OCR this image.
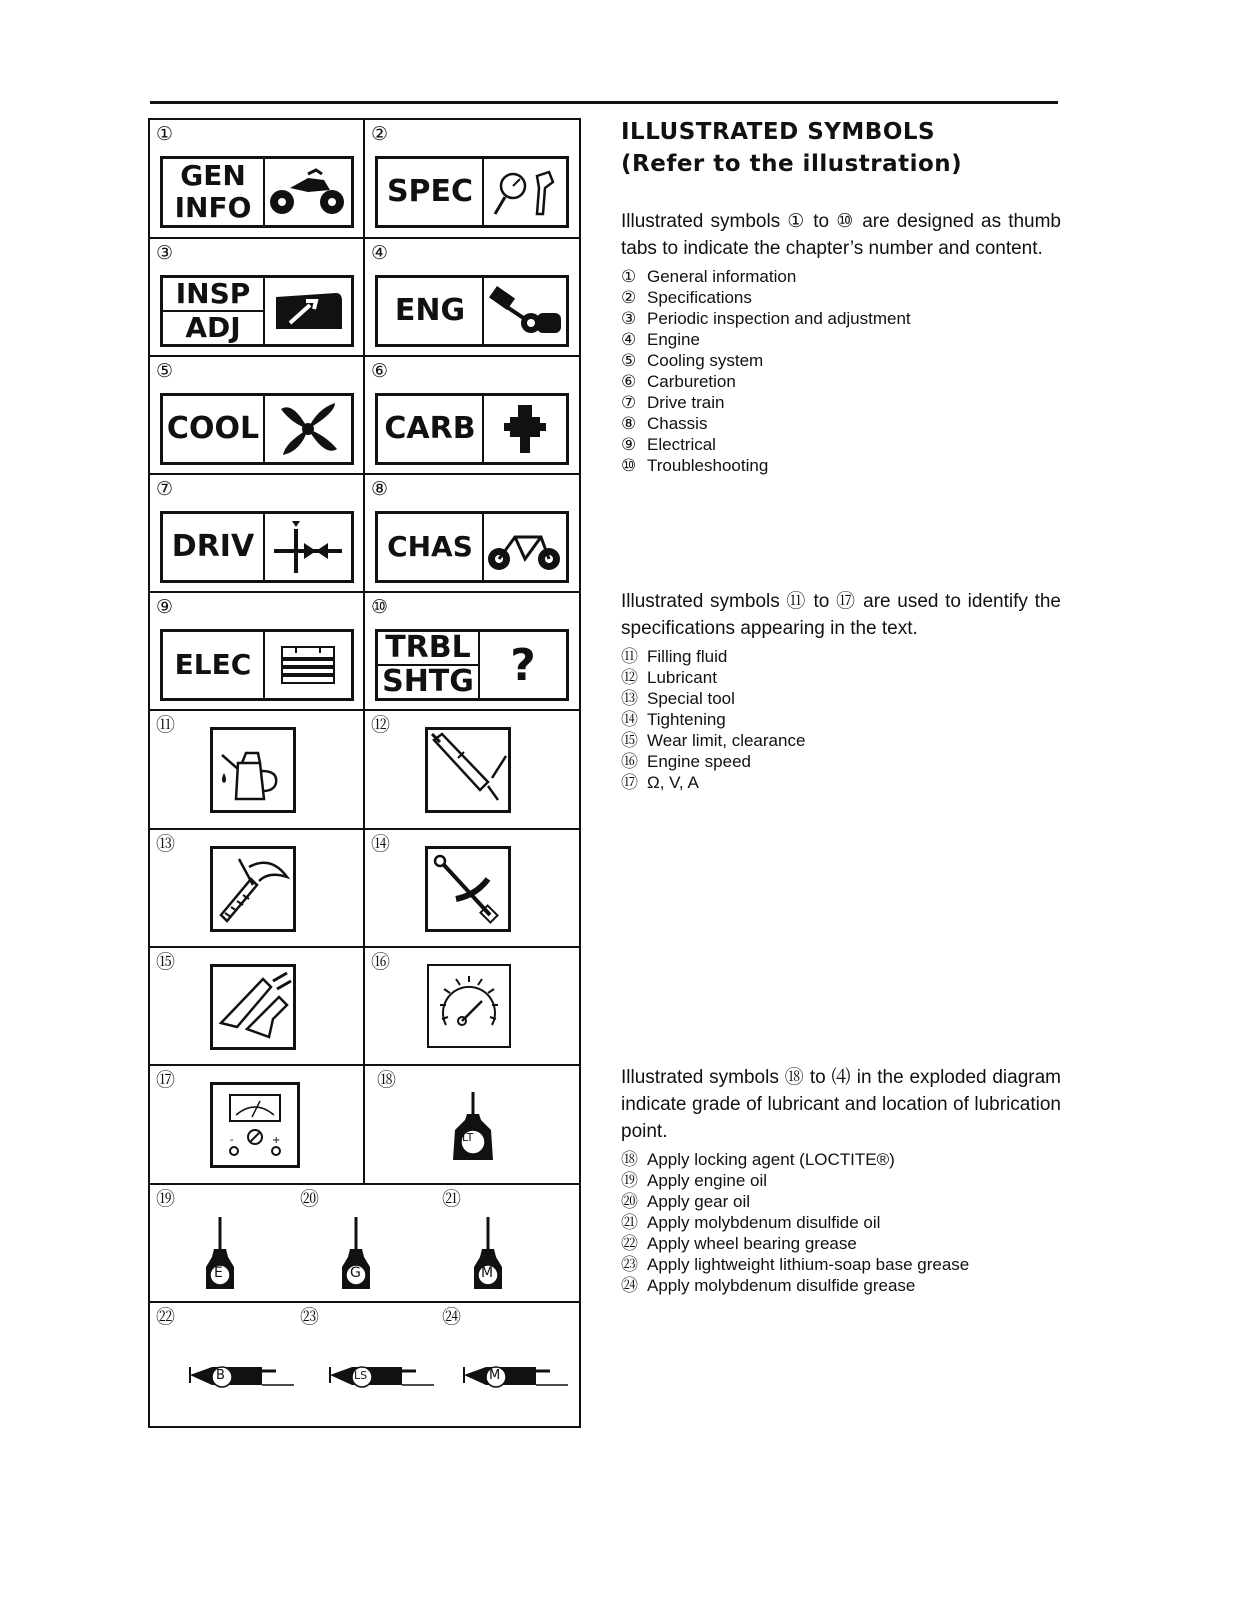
①
GEN
INFO
②
SPEC
③
INSP
ADJ
④
ENG
⑤
COOL
⑥
CARB
⑦
DRIV
⑧
CHAS
⑨
ELEC
⑩
TRBL
SHTG ?
⑪	⑫
⑬	⑭
⑮	⑯
⑰
-	+
⑱
LT
⑲	⑳	㉑
E	G	M
㉒	㉓	㉔
B	LS	M
ILLUSTRATED SYMBOLS
(Refer to the illustration)
Illustrated symbols ① to ⑩ are designed as thumb tabs to indicate the chapter’s number and content.
① General information
② Specifications
③ Periodic inspection and adjustment
④ Engine
⑤ Cooling system
⑥ Carburetion
⑦ Drive train
⑧ Chassis
⑨ Electrical
⑩ Troubleshooting
Illustrated symbols ⑪ to ⑰ are used to identify the specifications appearing in the text.
⑪ Filling fluid
⑫ Lubricant
⑬ Special tool
⑭ Tightening
⑮ Wear limit, clearance
⑯ Engine speed
⑰ Ω, V, A
Illustrated symbols ⑱ to ⑷ in the exploded diagram indicate grade of lubricant and location of lubrication point.
⑱ Apply locking agent (LOCTITE®)
⑲ Apply engine oil
⑳ Apply gear oil
㉑ Apply molybdenum disulfide oil
㉒ Apply wheel bearing grease
㉓ Apply lightweight lithium-soap base grease
㉔ Apply molybdenum disulfide grease
